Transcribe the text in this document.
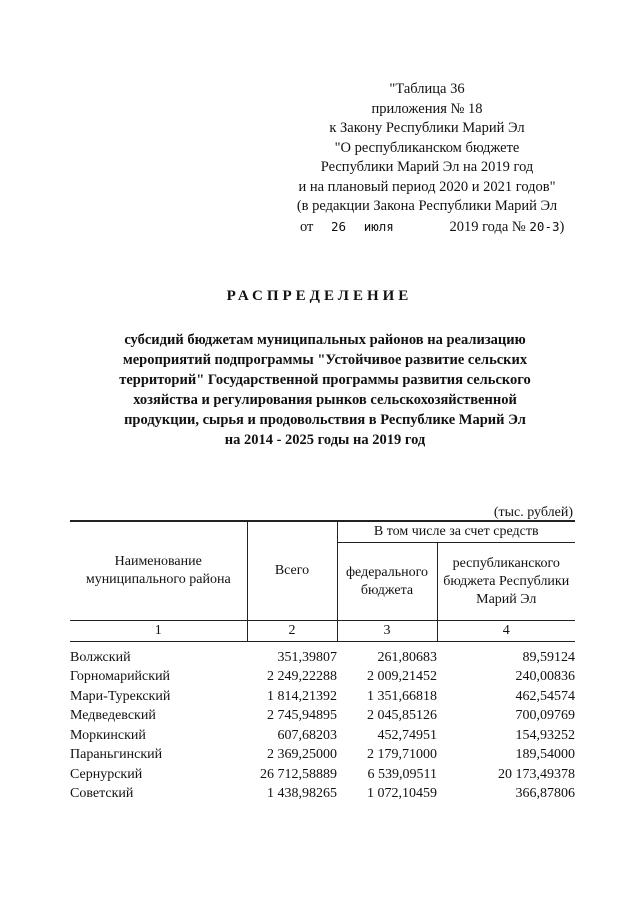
"Таблица 36
приложения № 18
к Закону Республики Марий Эл
"О республиканском бюджете
Республики Марий Эл на 2019 год
и на плановый период 2020 и 2021 годов"
(в редакции Закона Республики Марий Эл
от 26 июля	2019 года № 20-З)
РАСПРЕДЕЛЕНИЕ
субсидий бюджетам муниципальных районов на реализацию
мероприятий подпрограммы "Устойчивое развитие сельских
территорий" Государственной программы развития сельского
хозяйства и регулирования рынков сельскохозяйственной
продукции, сырья и продовольствия в Республике Марий Эл
на 2014 - 2025 годы на 2019 год
(тыс. рублей)
Наименование муниципального района	Всего	В том числе за счет средств	
		федерального бюджета	республиканского бюджета Республики Марий Эл
1	2	3	4
Волжский	351,39807	261,80683	89,59124
Горномарийский	2 249,22288	2 009,21452	240,00836
Мари-Турекский	1 814,21392	1 351,66818	462,54574
Медведевский	2 745,94895	2 045,85126	700,09769
Моркинский	607,68203	452,74951	154,93252
Параньгинский	2 369,25000	2 179,71000	189,54000
Сернурский	26 712,58889	6 539,09511	20 173,49378
Советский	1 438,98265	1 072,10459	366,87806
